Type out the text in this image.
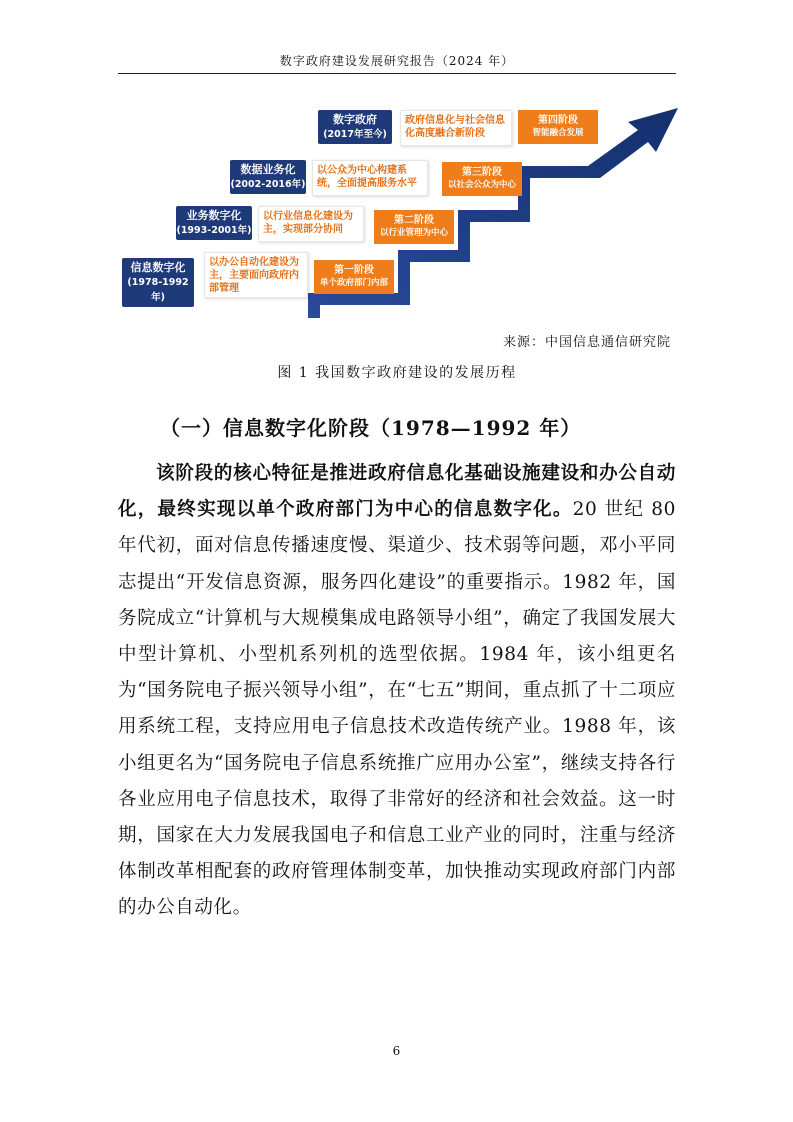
数字政府建设发展研究报告（2024 年）
信息数字化
(1978-1992年)
以办公自动化建设为主，主要面向政府内部管理
第一阶段
单个政府部门内部
业务数字化
(1993-2001年)
以行业信息化建设为主，实现部分协同
第二阶段
以行业管理为中心
数据业务化
(2002-2016年)
以公众为中心构建系统，全面提高服务水平
第三阶段
以社会公众为中心
数字政府
(2017年至今)
政府信息化与社会信息化高度融合新阶段
第四阶段
智能融合发展
来源：中国信息通信研究院
图 1 我国数字政府建设的发展历程
（一）信息数字化阶段（1978—1992 年）
该阶段的核心特征是推进政府信息化基础设施建设和办公自动化，最终实现以单个政府部门为中心的信息数字化。20 世纪 80 年代初，面对信息传播速度慢、渠道少、技术弱等问题，邓小平同志提出“开发信息资源，服务四化建设”的重要指示。1982 年，国务院成立“计算机与大规模集成电路领导小组”，确定了我国发展大中型计算机、小型机系列机的选型依据。1984 年，该小组更名为“国务院电子振兴领导小组”，在“七五”期间，重点抓了十二项应用系统工程，支持应用电子信息技术改造传统产业。1988 年，该小组更名为“国务院电子信息系统推广应用办公室”，继续支持各行各业应用电子信息技术，取得了非常好的经济和社会效益。这一时期，国家在大力发展我国电子和信息工业产业的同时，注重与经济体制改革相配套的政府管理体制变革，加快推动实现政府部门内部的办公自动化。
6
